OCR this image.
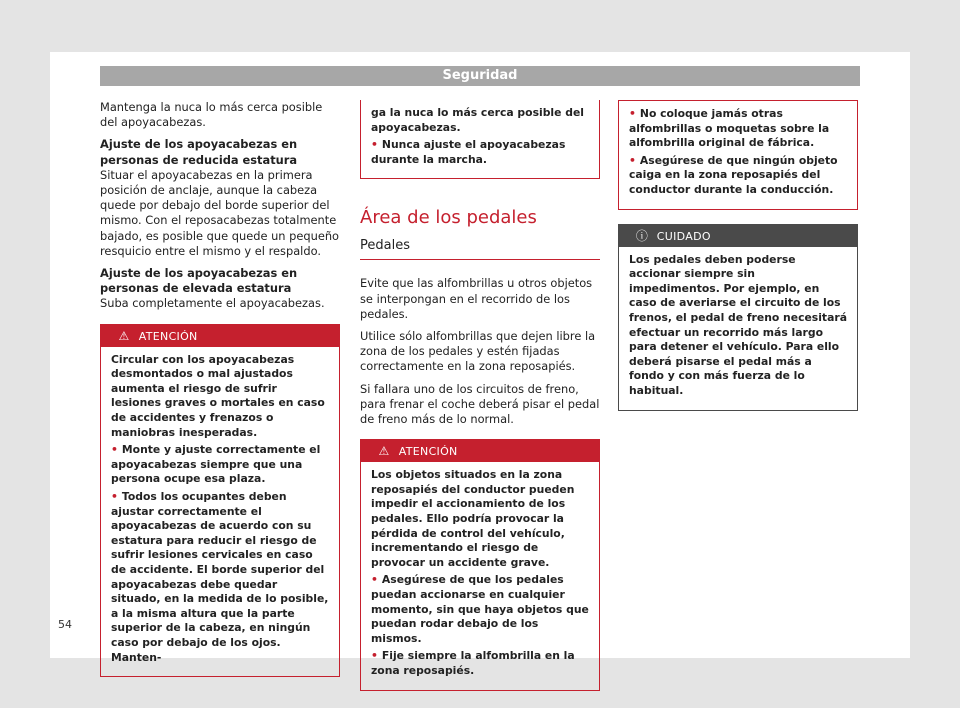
Seguridad

Mantenga la nuca lo más cerca posible del apoyacabezas.

Ajuste de los apoyacabezas en personas de reducida estatura

Situar el apoyacabezas en la primera posición de anclaje, aunque la cabeza quede por debajo del borde superior del mismo. Con el reposacabezas totalmente bajado, es posible que quede un pequeño resquicio entre el mismo y el respaldo.

Ajuste de los apoyacabezas en personas de elevada estatura

Suba completamente el apoyacabezas.

⚠ ATENCIÓN

Circular con los apoyacabezas desmontados o mal ajustados aumenta el riesgo de sufrir lesiones graves o mortales en caso de accidentes y frenazos o maniobras inesperadas.

• Monte y ajuste correctamente el apoyacabezas siempre que una persona ocupe esa plaza.

• Todos los ocupantes deben ajustar correctamente el apoyacabezas de acuerdo con su estatura para reducir el riesgo de sufrir lesiones cervicales en caso de accidente. El borde superior del apoyacabezas debe quedar situado, en la medida de lo posible, a la misma altura que la parte superior de la cabeza, en ningún caso por debajo de los ojos. Manten-

ga la nuca lo más cerca posible del apoyacabezas.

• Nunca ajuste el apoyacabezas durante la marcha.

Área de los pedales

Pedales

Evite que las alfombrillas u otros objetos se interpongan en el recorrido de los pedales.

Utilice sólo alfombrillas que dejen libre la zona de los pedales y estén fijadas correctamente en la zona reposapiés.

Si fallara uno de los circuitos de freno, para frenar el coche deberá pisar el pedal de freno más de lo normal.

⚠ ATENCIÓN

Los objetos situados en la zona reposapiés del conductor pueden impedir el accionamiento de los pedales. Ello podría provocar la pérdida de control del vehículo, incrementando el riesgo de provocar un accidente grave.

• Asegúrese de que los pedales puedan accionarse en cualquier momento, sin que haya objetos que puedan rodar debajo de los mismos.

• Fije siempre la alfombrilla en la zona reposapiés.

• No coloque jamás otras alfombrillas o moquetas sobre la alfombrilla original de fábrica.

• Asegúrese de que ningún objeto caiga en la zona reposapiés del conductor durante la conducción.

ⓘ CUIDADO

Los pedales deben poderse accionar siempre sin impedimentos. Por ejemplo, en caso de averiarse el circuito de los frenos, el pedal de freno necesitará efectuar un recorrido más largo para detener el vehículo. Para ello deberá pisarse el pedal más a fondo y con más fuerza de lo habitual.

54
